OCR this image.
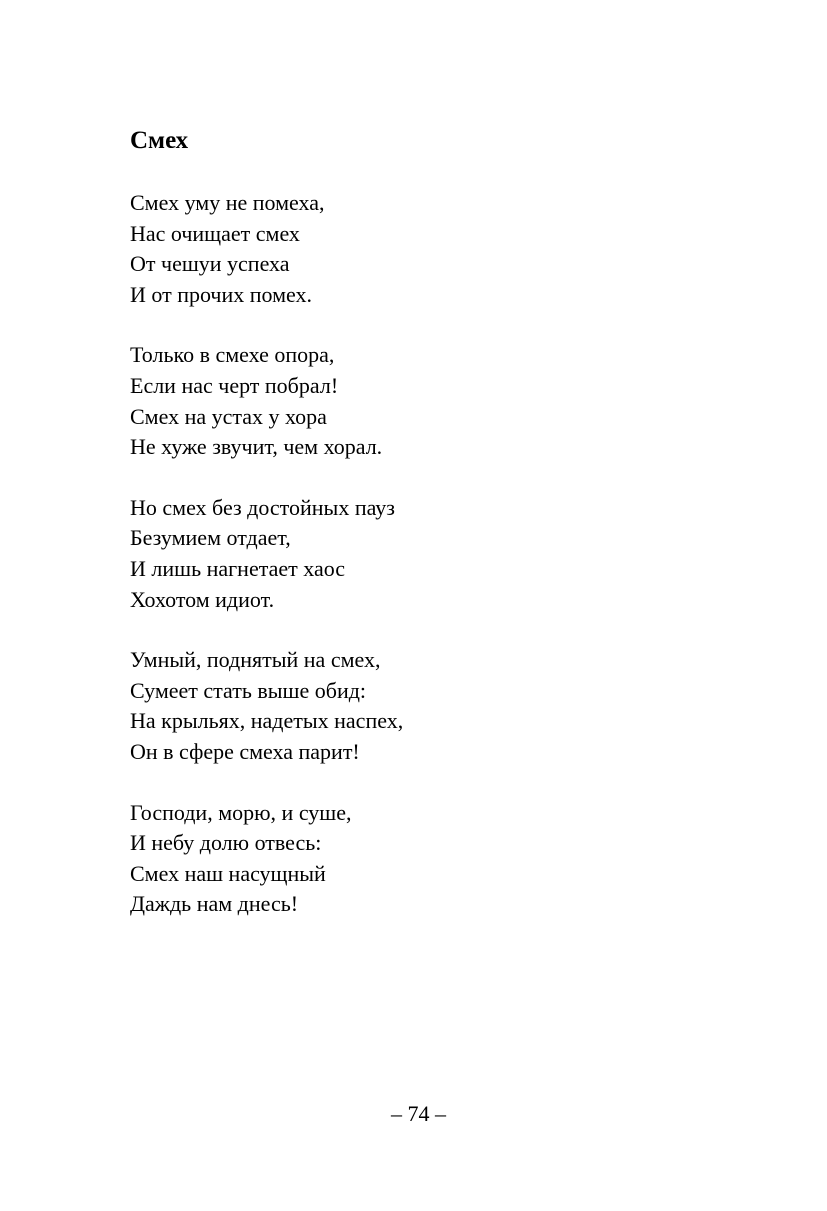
Смех
Смех уму не помеха,
Нас очищает смех
От чешуи успеха
И от прочих помех.
Только в смехе опора,
Если нас черт побрал!
Смех на устах у хора
Не хуже звучит, чем хорал.
Но смех без достойных пауз
Безумием отдает,
И лишь нагнетает хаос
Хохотом идиот.
Умный, поднятый на смех,
Сумеет стать выше обид:
На крыльях, надетых наспех,
Он в сфере смеха парит!
Господи, морю, и суше,
И небу долю отвесь:
Смех наш насущный
Даждь нам днесь!
– 74 –
